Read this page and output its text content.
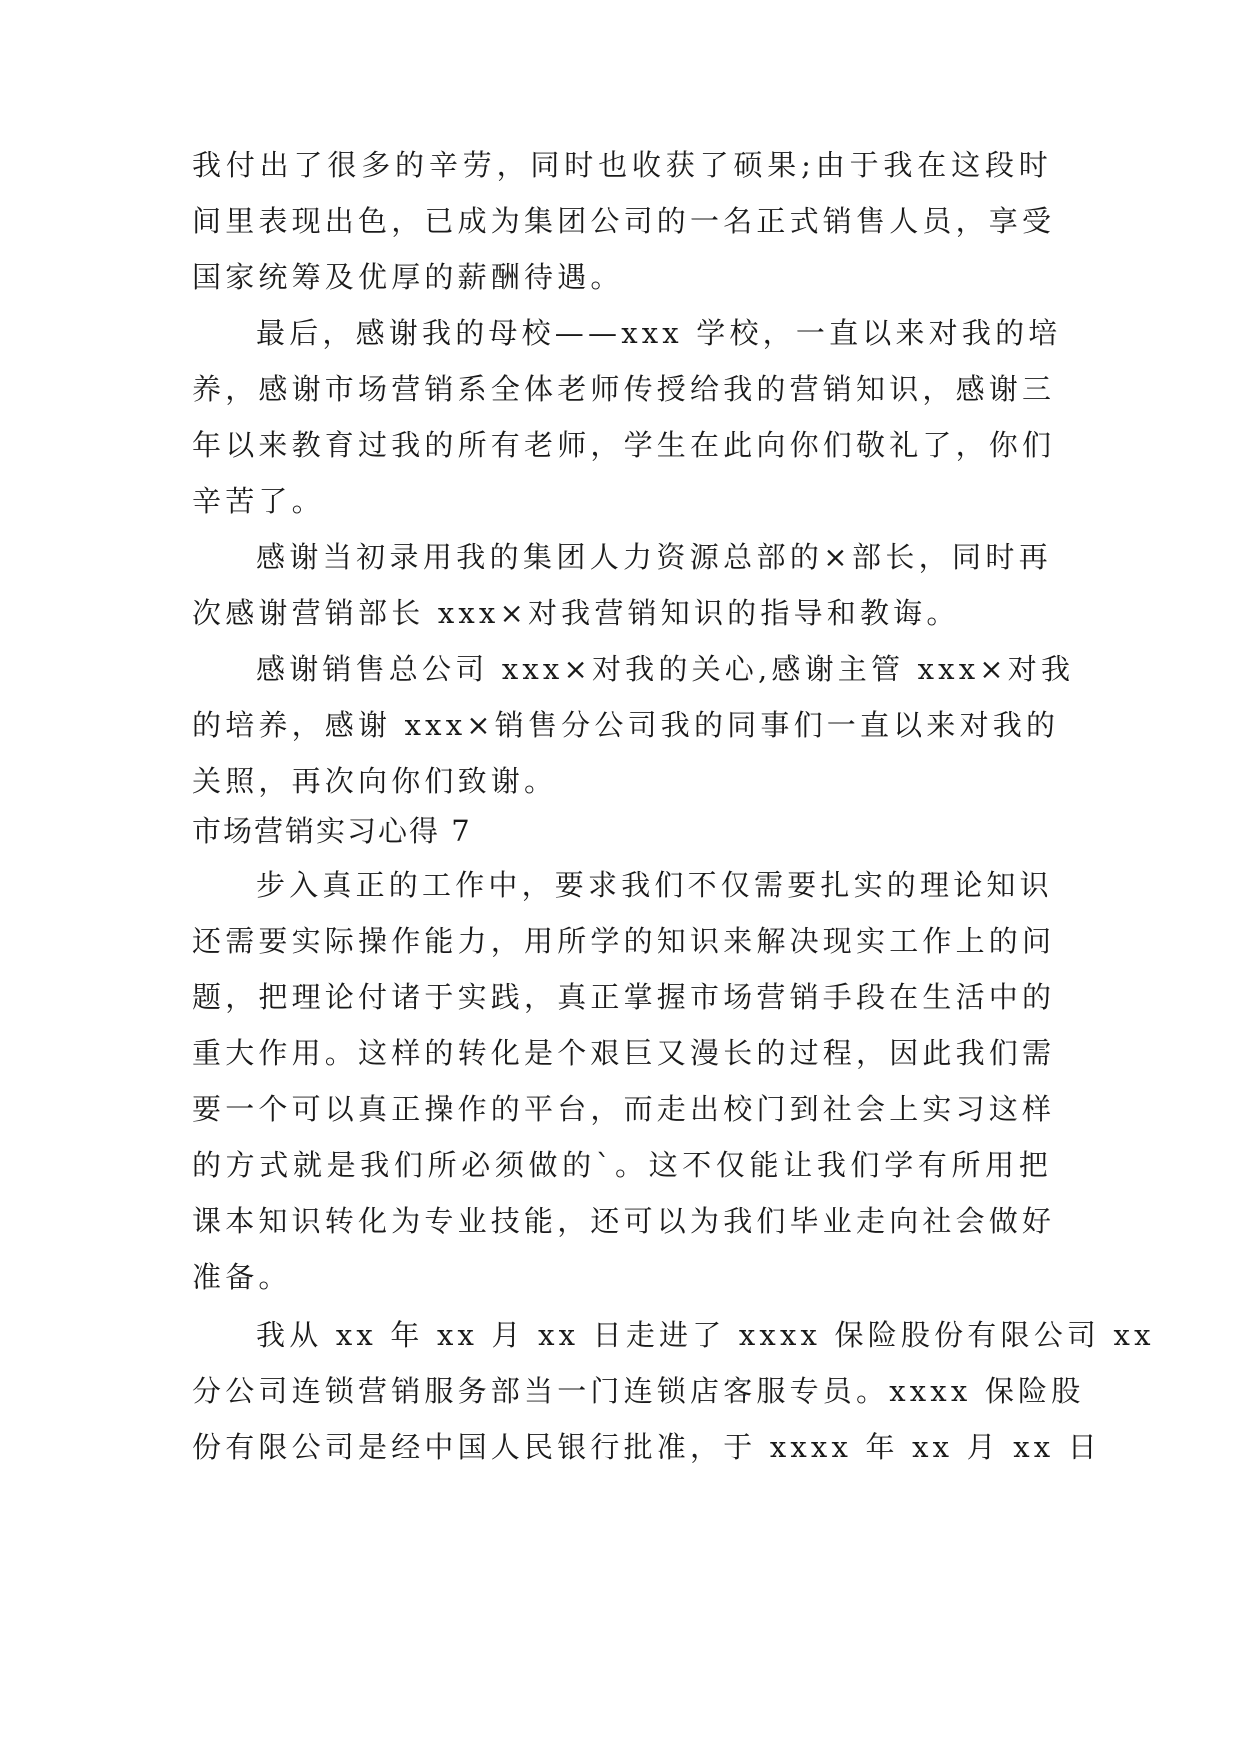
我付出了很多的辛劳，同时也收获了硕果;由于我在这段时
间里表现出色，已成为集团公司的一名正式销售人员，享受
国家统筹及优厚的薪酬待遇。
最后，感谢我的母校——xxx 学校，一直以来对我的培
养，感谢市场营销系全体老师传授给我的营销知识，感谢三
年以来教育过我的所有老师，学生在此向你们敬礼了，你们
辛苦了。
感谢当初录用我的集团人力资源总部的×部长，同时再
次感谢营销部长 xxx×对我营销知识的指导和教诲。
感谢销售总公司 xxx×对我的关心,感谢主管 xxx×对我
的培养，感谢 xxx×销售分公司我的同事们一直以来对我的
关照，再次向你们致谢。
市场营销实习心得 7
步入真正的工作中，要求我们不仅需要扎实的理论知识
还需要实际操作能力，用所学的知识来解决现实工作上的问
题，把理论付诸于实践，真正掌握市场营销手段在生活中的
重大作用。这样的转化是个艰巨又漫长的过程，因此我们需
要一个可以真正操作的平台，而走出校门到社会上实习这样
的方式就是我们所必须做的`。这不仅能让我们学有所用把
课本知识转化为专业技能，还可以为我们毕业走向社会做好
准备。
我从 xx 年 xx 月 xx 日走进了 xxxx 保险股份有限公司 xx
分公司连锁营销服务部当一门连锁店客服专员。xxxx 保险股
份有限公司是经中国人民银行批准，于 xxxx 年 xx 月 xx 日
